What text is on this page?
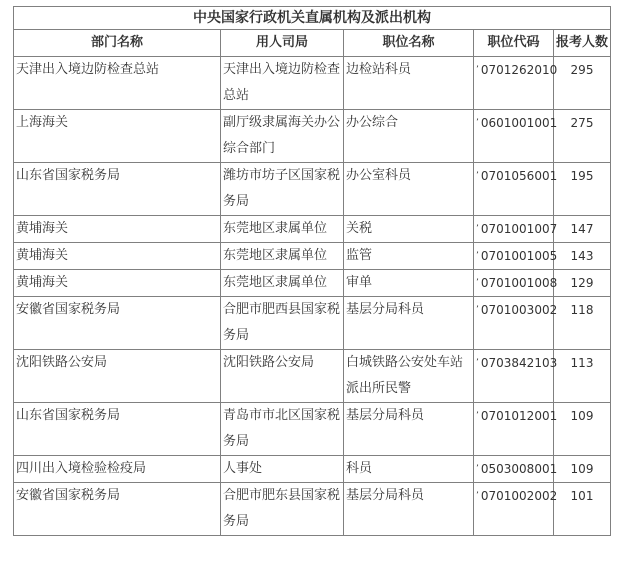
中央国家行政机关直属机构及派出机构				
部门名称	用人司局	职位名称	职位代码	报考人数
天津出入境边防检查总站	天津出入境边防检查总站	边检站科员	’ 0701262010	295
上海海关	副厅级隶属海关办公综合部门	办公综合	’ 0601001001	275
山东省国家税务局	潍坊市坊子区国家税务局	办公室科员	’ 0701056001	195
黄埔海关	东莞地区隶属单位	关税	’ 0701001007	147
黄埔海关	东莞地区隶属单位	监管	’ 0701001005	143
黄埔海关	东莞地区隶属单位	审单	’ 0701001008	129
安徽省国家税务局	合肥市肥西县国家税务局	基层分局科员	’ 0701003002	118
沈阳铁路公安局	沈阳铁路公安局	白城铁路公安处车站派出所民警	’ 0703842103	113
山东省国家税务局	青岛市市北区国家税务局	基层分局科员	’ 0701012001	109
四川出入境检验检疫局	人事处	科员	’ 0503008001	109
安徽省国家税务局	合肥市肥东县国家税务局	基层分局科员	’ 0701002002	101
